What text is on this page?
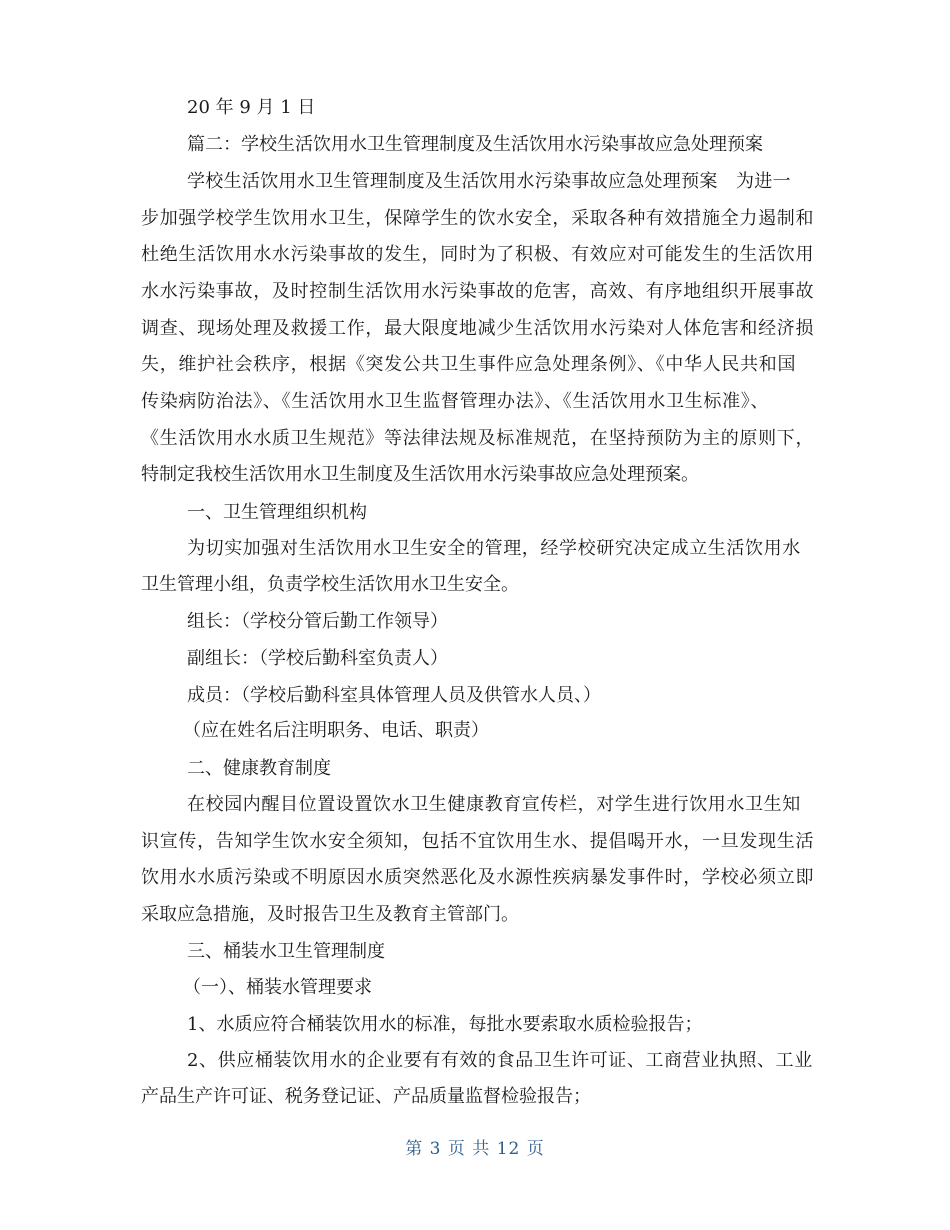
20 年 9 月 1 日
篇二：学校生活饮用水卫生管理制度及生活饮用水污染事故应急处理预案
学校生活饮用水卫生管理制度及生活饮用水污染事故应急处理预案　为进一
步加强学校学生饮用水卫生，保障学生的饮水安全，采取各种有效措施全力遏制和
杜绝生活饮用水水污染事故的发生，同时为了积极、有效应对可能发生的生活饮用
水水污染事故，及时控制生活饮用水污染事故的危害，高效、有序地组织开展事故
调查、现场处理及救援工作，最大限度地减少生活饮用水污染对人体危害和经济损
失，维护社会秩序，根据《突发公共卫生事件应急处理条例》、《中华人民共和国
传染病防治法》、《生活饮用水卫生监督管理办法》、《生活饮用水卫生标准》、
《生活饮用水水质卫生规范》等法律法规及标准规范，在坚持预防为主的原则下，
特制定我校生活饮用水卫生制度及生活饮用水污染事故应急处理预案。
一、卫生管理组织机构
为切实加强对生活饮用水卫生安全的管理，经学校研究决定成立生活饮用水
卫生管理小组，负责学校生活饮用水卫生安全。
组长：（学校分管后勤工作领导）
副组长：（学校后勤科室负责人）
成员：（学校后勤科室具体管理人员及供管水人员、）
（应在姓名后注明职务、电话、职责）
二、健康教育制度
在校园内醒目位置设置饮水卫生健康教育宣传栏，对学生进行饮用水卫生知
识宣传，告知学生饮水安全须知，包括不宜饮用生水、提倡喝开水，一旦发现生活
饮用水水质污染或不明原因水质突然恶化及水源性疾病暴发事件时，学校必须立即
采取应急措施，及时报告卫生及教育主管部门。
三、桶装水卫生管理制度
（一）、桶装水管理要求
1、水质应符合桶装饮用水的标准，每批水要索取水质检验报告；
2、供应桶装饮用水的企业要有有效的食品卫生许可证、工商营业执照、工业
产品生产许可证、税务登记证、产品质量监督检验报告；
第 3 页 共 12 页
